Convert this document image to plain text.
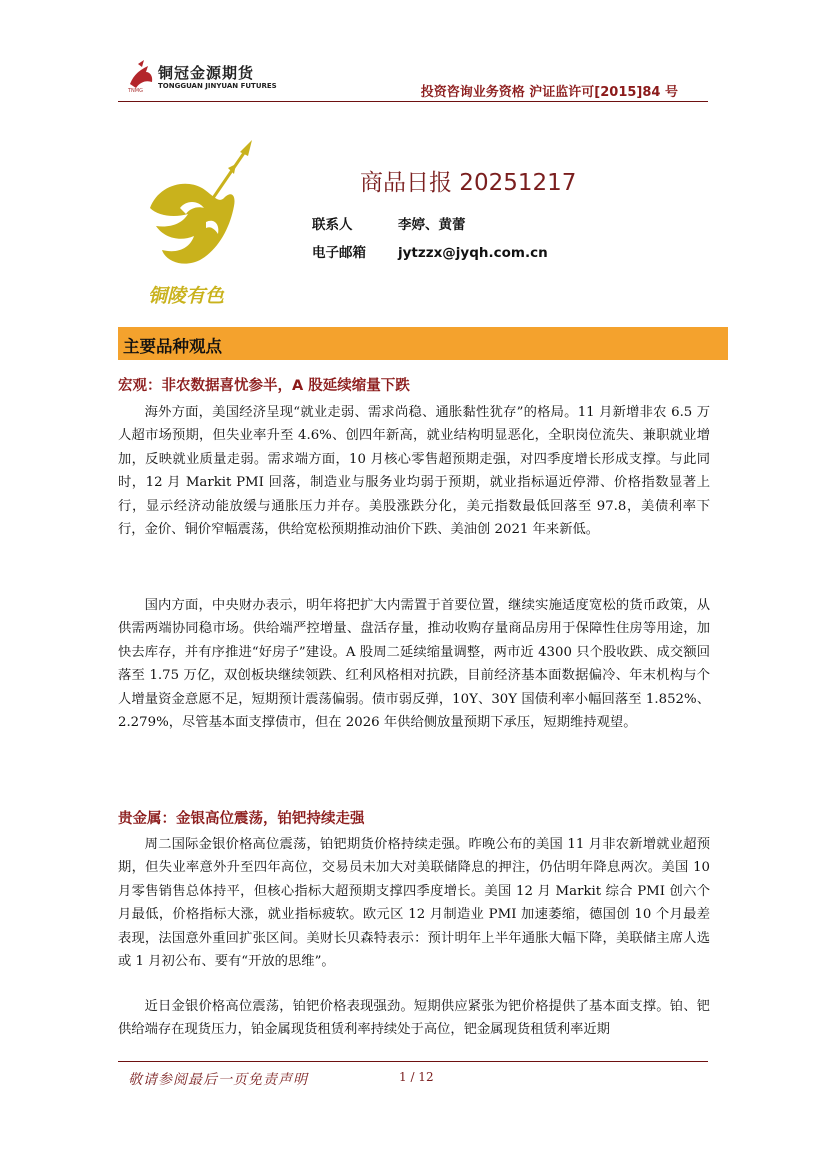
铜冠金源期货
TONGGUAN JINYUAN FUTURES
TNMG	投资咨询业务资格 沪证监许可[2015]84 号
铜陵有色
商品日报 20251217
联系人	李婷、黄蕾
电子邮箱 jytzzx@jyqh.com.cn
主要品种观点
宏观：非农数据喜忧参半，A 股延续缩量下跌

海外方面，美国经济呈现“就业走弱、需求尚稳、通胀黏性犹存”的格局。11 月新增非农 6.5 万人超市场预期，但失业率升至 4.6%、创四年新高，就业结构明显恶化，全职岗位流失、兼职就业增加，反映就业质量走弱。需求端方面，10 月核心零售超预期走强，对四季度增长形成支撑。与此同时，12 月 Markit PMI 回落，制造业与服务业均弱于预期，就业指标逼近停滞、价格指数显著上行，显示经济动能放缓与通胀压力并存。美股涨跌分化，美元指数最低回落至 97.8，美债利率下行，金价、铜价窄幅震荡，供给宽松预期推动油价下跌、美油创 2021 年来新低。

国内方面，中央财办表示，明年将把扩大内需置于首要位置，继续实施适度宽松的货币政策，从供需两端协同稳市场。供给端严控增量、盘活存量，推动收购存量商品房用于保障性住房等用途，加快去库存，并有序推进“好房子”建设。A 股周二延续缩量调整，两市近 4300 只个股收跌、成交额回落至 1.75 万亿，双创板块继续领跌、红利风格相对抗跌，目前经济基本面数据偏冷、年末机构与个人增量资金意愿不足，短期预计震荡偏弱。债市弱反弹，10Y、30Y 国债利率小幅回落至 1.852%、2.279%，尽管基本面支撑债市，但在 2026 年供给侧放量预期下承压，短期维持观望。

贵金属：金银高位震荡，铂钯持续走强

周二国际金银价格高位震荡，铂钯期货价格持续走强。昨晚公布的美国 11 月非农新增就业超预期，但失业率意外升至四年高位，交易员未加大对美联储降息的押注，仍估明年降息两次。美国 10 月零售销售总体持平，但核心指标大超预期支撑四季度增长。美国 12 月 Markit 综合 PMI 创六个月最低，价格指标大涨，就业指标疲软。欧元区 12 月制造业 PMI 加速萎缩，德国创 10 个月最差表现，法国意外重回扩张区间。美财长贝森特表示：预计明年上半年通胀大幅下降，美联储主席人选或 1 月初公布、要有“开放的思维”。

近日金银价格高位震荡，铂钯价格表现强劲。短期供应紧张为钯价格提供了基本面支撑。铂、钯供给端存在现货压力，铂金属现货租赁利率持续处于高位，钯金属现货租赁利率近期

敬请参阅最后一页免责声明	1 / 12
